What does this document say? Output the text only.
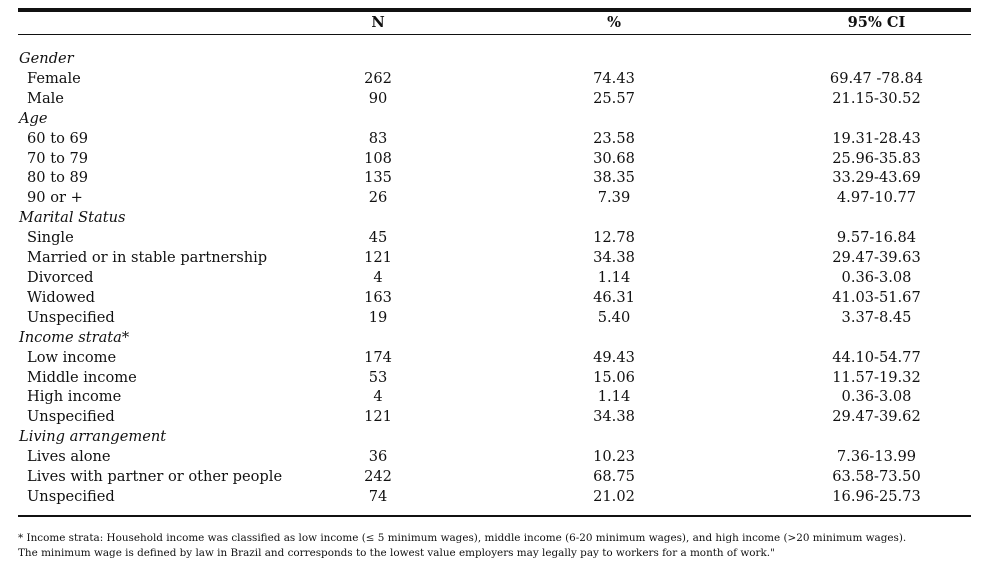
	N	%	95% CI

Gender			
Female	262	74.43	69.47 -78.84
Male	90	25.57	21.15-30.52
Age			
60 to 69	83	23.58	19.31-28.43
70 to 79	108	30.68	25.96-35.83
80 to 89	135	38.35	33.29-43.69
90 or +	26	7.39	4.97-10.77
Marital Status			
Single	45	12.78	9.57-16.84
Married or in stable partnership	121	34.38	29.47-39.63
Divorced	4	1.14	0.36-3.08
Widowed	163	46.31	41.03-51.67
Unspecified	19	5.40	3.37-8.45
Income strata*			
Low income	174	49.43	44.10-54.77
Middle income	53	15.06	11.57-19.32
High income	4	1.14	0.36-3.08
Unspecified	121	34.38	29.47-39.62
Living arrangement			
Lives alone	36	10.23	7.36-13.99
Lives with partner or other people	242	68.75	63.58-73.50
Unspecified	74	21.02	16.96-25.73

* Income strata: Household income was classified as low income (≤ 5 minimum wages), middle income (6-20 minimum wages), and high income (>20 minimum wages).
The minimum wage is defined by law in Brazil and corresponds to the lowest value employers may legally pay to workers for a month of work."
